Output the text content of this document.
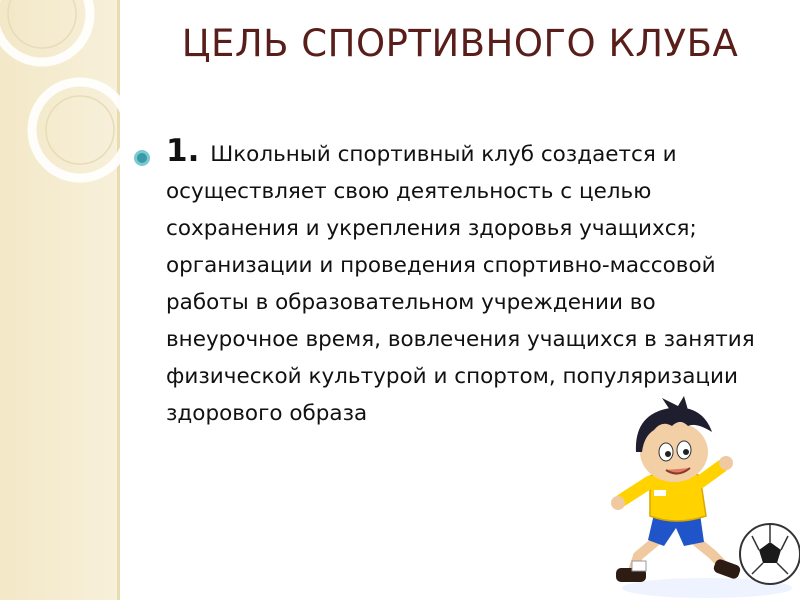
ЦЕЛЬ СПОРТИВНОГО КЛУБА
1. Школьный спортивный клуб создается и осуществляет свою деятельность с целью сохранения и укрепления здоровья учащихся; организации и проведения спортивно-массовой работы в образовательном учреждении во внеурочное время, вовлечения учащихся в занятия физической культурой и спортом, популяризации здорового образа
